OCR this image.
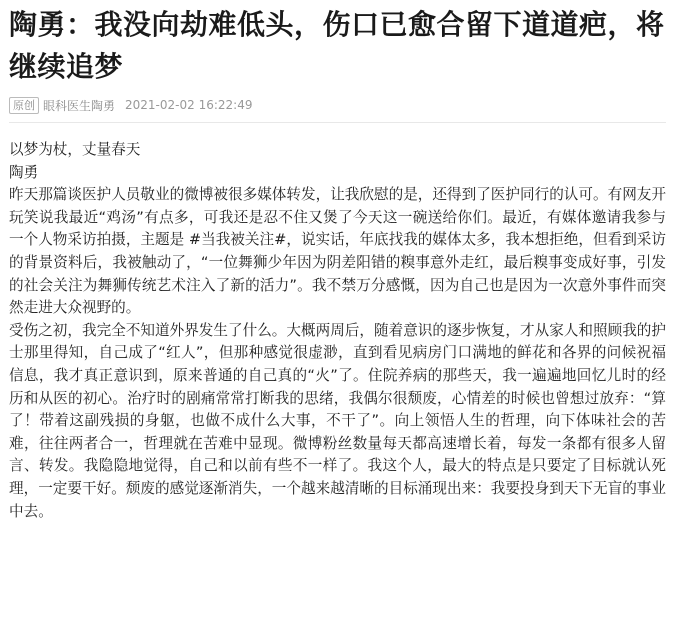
陶勇：我没向劫难低头，伤口已愈合留下道道疤，将继续追梦
原创 眼科医生陶勇 2021-02-02 16:22:49

以梦为杖，丈量春天

陶勇

昨天那篇谈医护人员敬业的微博被很多媒体转发，让我欣慰的是，还得到了医护同行的认可。有网友开玩笑说我最近“鸡汤”有点多，可我还是忍不住又煲了今天这一碗送给你们。最近，有媒体邀请我参与一个人物采访拍摄，主题是 #当我被关注#，说实话，年底找我的媒体太多，我本想拒绝，但看到采访的背景资料后，我被触动了，“一位舞狮少年因为阴差阳错的糗事意外走红，最后糗事变成好事，引发的社会关注为舞狮传统艺术注入了新的活力”。我不禁万分感慨，因为自己也是因为一次意外事件而突然走进大众视野的。

受伤之初，我完全不知道外界发生了什么。大概两周后，随着意识的逐步恢复，才从家人和照顾我的护士那里得知，自己成了“红人”，但那种感觉很虚渺，直到看见病房门口满地的鲜花和各界的问候祝福信息，我才真正意识到，原来普通的自己真的“火”了。住院养病的那些天，我一遍遍地回忆儿时的经历和从医的初心。治疗时的剧痛常常打断我的思绪，我偶尔很颓废，心情差的时候也曾想过放弃：“算了！带着这副残损的身躯，也做不成什么大事，不干了”。向上领悟人生的哲理，向下体味社会的苦难，往往两者合一，哲理就在苦难中显现。微博粉丝数量每天都高速增长着，每发一条都有很多人留言、转发。我隐隐地觉得，自己和以前有些不一样了。我这个人，最大的特点是只要定了目标就认死理，一定要干好。颓废的感觉逐渐消失，一个越来越清晰的目标涌现出来：我要投身到天下无盲的事业中去。
